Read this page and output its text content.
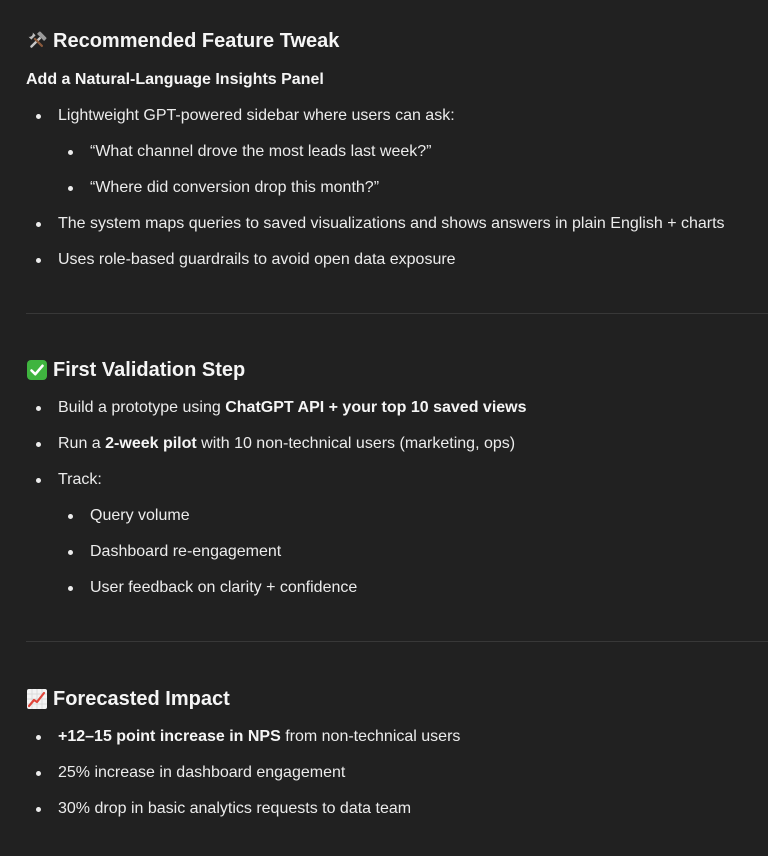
Recommended Feature Tweak

Add a Natural-Language Insights Panel

Lightweight GPT-powered sidebar where users can ask:
“What channel drove the most leads last week?”
“Where did conversion drop this month?”
The system maps queries to saved visualizations and shows answers in plain English + charts
Uses role-based guardrails to avoid open data exposure
First Validation Step
Build a prototype using ChatGPT API + your top 10 saved views
Run a 2-week pilot with 10 non-technical users (marketing, ops)
Track:
Query volume
Dashboard re-engagement
User feedback on clarity + confidence
Forecasted Impact
+12–15 point increase in NPS from non-technical users
25% increase in dashboard engagement
30% drop in basic analytics requests to data team
